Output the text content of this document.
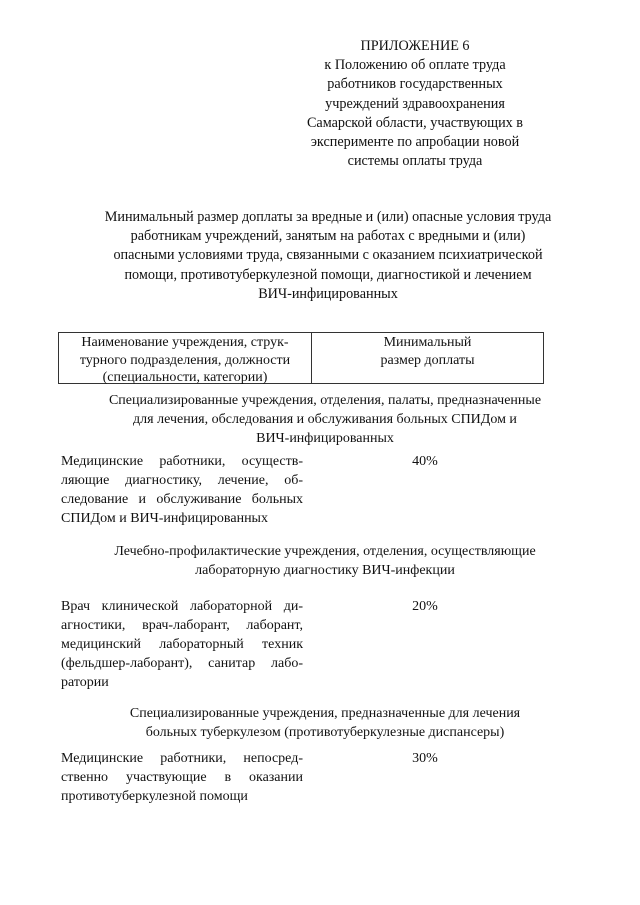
ПРИЛОЖЕНИЕ 6
к Положению об оплате труда
работников государственных
учреждений здравоохранения
Самарской области, участвующих в
эксперименте по апробации новой
системы оплаты труда
Минимальный размер доплаты за вредные и (или) опасные условия труда
работникам учреждений, занятым на работах с вредными и (или)
опасными условиями труда, связанными с оказанием психиатрической
помощи, противотуберкулезной помощи, диагностикой и лечением
ВИЧ-инфицированных
Наименование учреждения, струк-
турного подразделения, должности
(специальности, категории)
Минимальный
размер доплаты
Специализированные учреждения, отделения, палаты, предназначенные
для лечения, обследования и обслуживания больных СПИДом и
ВИЧ-инфицированных
Медицинские работники, осуществ-
ляющие диагностику, лечение, об-
следование и обслуживание больных
СПИДом и ВИЧ-инфицированных
40%
Лечебно-профилактические учреждения, отделения, осуществляющие
лабораторную диагностику ВИЧ-инфекции
Врач клинической лабораторной ди-
агностики, врач-лаборант, лаборант,
медицинский лабораторный техник
(фельдшер-лаборант), санитар лабо-
ратории
20%
Специализированные учреждения, предназначенные для лечения
больных туберкулезом (противотуберкулезные диспансеры)
Медицинские работники, непосред-
ственно участвующие в оказании
противотуберкулезной помощи
30%
